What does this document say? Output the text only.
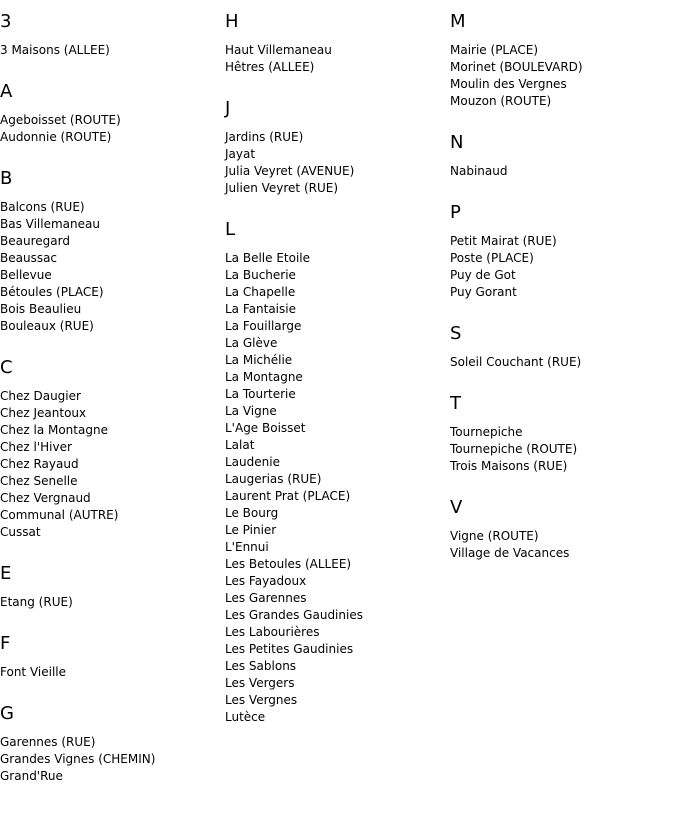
3
3 Maisons (ALLEE)
A
Ageboisset (ROUTE)
Audonnie (ROUTE)
B
Balcons (RUE)
Bas Villemaneau
Beauregard
Beaussac
Bellevue
Bétoules (PLACE)
Bois Beaulieu
Bouleaux (RUE)
C
Chez Daugier
Chez Jeantoux
Chez la Montagne
Chez l'Hiver
Chez Rayaud
Chez Senelle
Chez Vergnaud
Communal (AUTRE)
Cussat
E
Etang (RUE)
F
Font Vieille
G
Garennes (RUE)
Grandes Vignes (CHEMIN)
Grand'Rue
H
Haut Villemaneau
Hêtres (ALLEE)
J
Jardins (RUE)
Jayat
Julia Veyret (AVENUE)
Julien Veyret (RUE)
L
La Belle Etoile
La Bucherie
La Chapelle
La Fantaisie
La Fouillarge
La Glève
La Michélie
La Montagne
La Tourterie
La Vigne
L'Age Boisset
Lalat
Laudenie
Laugerias (RUE)
Laurent Prat (PLACE)
Le Bourg
Le Pinier
L'Ennui
Les Betoules (ALLEE)
Les Fayadoux
Les Garennes
Les Grandes Gaudinies
Les Labourières
Les Petites Gaudinies
Les Sablons
Les Vergers
Les Vergnes
Lutèce
M
Mairie (PLACE)
Morinet (BOULEVARD)
Moulin des Vergnes
Mouzon (ROUTE)
N
Nabinaud
P
Petit Mairat (RUE)
Poste (PLACE)
Puy de Got
Puy Gorant
S
Soleil Couchant (RUE)
T
Tournepiche
Tournepiche (ROUTE)
Trois Maisons (RUE)
V
Vigne (ROUTE)
Village de Vacances
